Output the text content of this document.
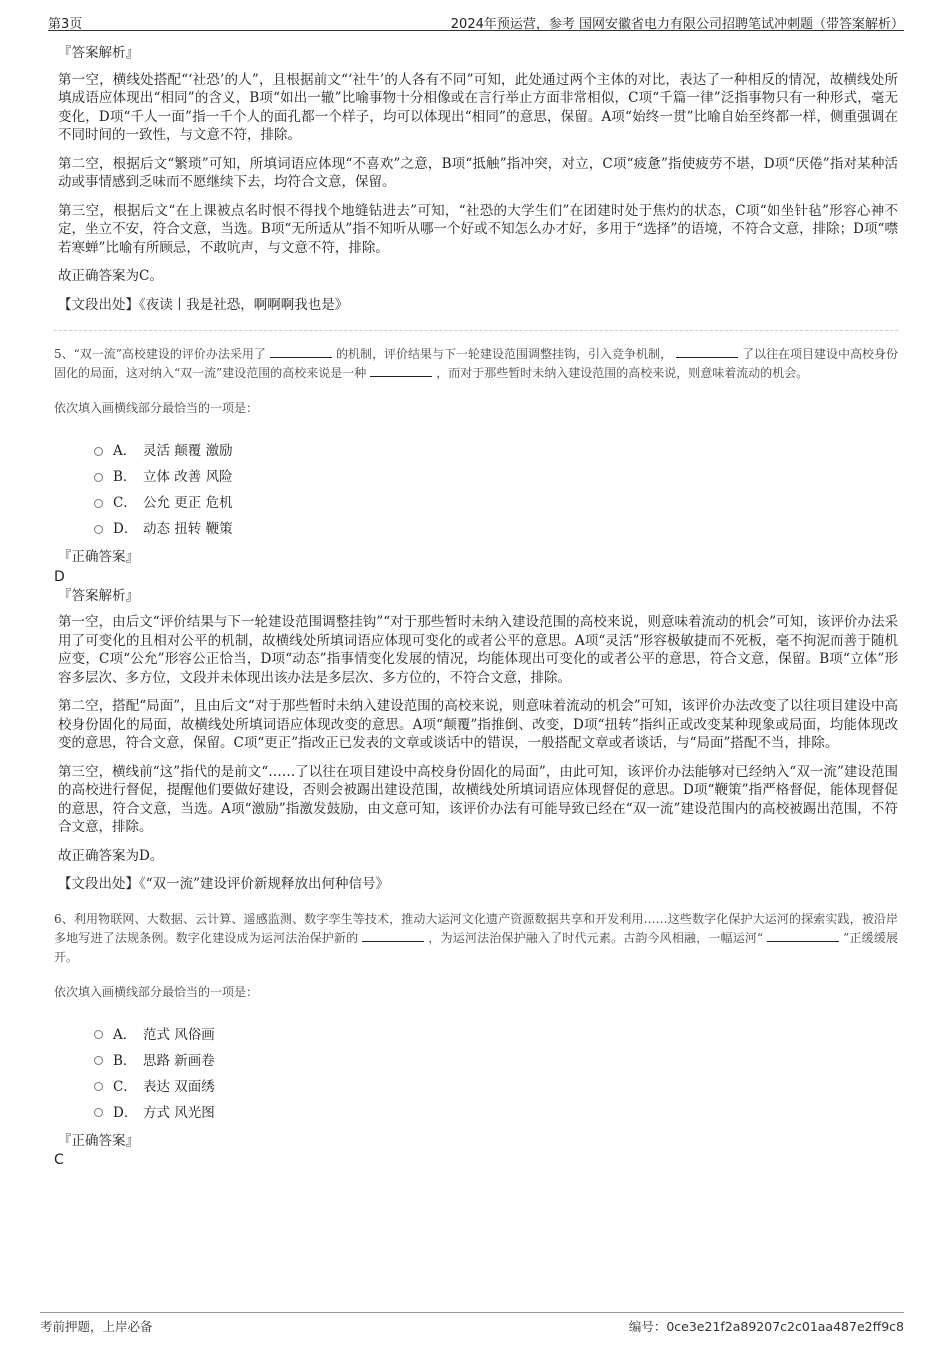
第3页	2024年预运营，参考 国网安徽省电力有限公司招聘笔试冲刺题（带答案解析）
『答案解析』

第一空，横线处搭配“‘社恐’的人”，且根据前文“‘社牛’的人各有不同”可知，此处通过两个主体的对比，表达了一种相反的情况，故横线处所填成语应体现出“相同”的含义，B项“如出一辙”比喻事物十分相像或在言行举止方面非常相似，C项“千篇一律”泛指事物只有一种形式，毫无变化，D项“千人一面”指一千个人的面孔都一个样子，均可以体现出“相同”的意思，保留。A项“始终一贯”比喻自始至终都一样，侧重强调在不同时间的一致性，与文意不符，排除。

第二空，根据后文“繁琐”可知，所填词语应体现“不喜欢”之意，B项“抵触”指冲突，对立，C项“疲惫”指使疲劳不堪，D项“厌倦”指对某种活动或事情感到乏味而不愿继续下去，均符合文意，保留。

第三空，根据后文“在上课被点名时恨不得找个地缝钻进去”可知，“社恐的大学生们”在团建时处于焦灼的状态，C项“如坐针毡”形容心神不定，坐立不安，符合文意，当选。B项“无所适从”指不知听从哪一个好或不知怎么办才好，多用于“选择”的语境，不符合文意，排除；D项“噤若寒蝉”比喻有所顾忌，不敢吭声，与文意不符，排除。

故正确答案为C。

【文段出处】《夜读丨我是社恐，啊啊啊我也是》

5、“双一流”高校建设的评价办法采用了	的机制，评价结果与下一轮建设范围调整挂钩，引入竞争机制，	了以往在项目建设中高校身份固化的局面，这对纳入“双一流”建设范围的高校来说是一种	，而对于那些暂时未纳入建设范围的高校来说，则意味着流动的机会。

依次填入画横线部分最恰当的一项是：
A． 灵活 颠覆 激励
B． 立体 改善 风险
C． 公允 更正 危机
D． 动态 扭转 鞭策
『正确答案』
D
『答案解析』

第一空，由后文“评价结果与下一轮建设范围调整挂钩”“对于那些暂时未纳入建设范围的高校来说，则意味着流动的机会”可知，该评价办法采用了可变化的且相对公平的机制，故横线处所填词语应体现可变化的或者公平的意思。A项“灵活”形容极敏捷而不死板，毫不拘泥而善于随机应变，C项“公允”形容公正恰当，D项“动态”指事情变化发展的情况，均能体现出可变化的或者公平的意思，符合文意，保留。B项“立体”形容多层次、多方位，文段并未体现出该办法是多层次、多方位的，不符合文意，排除。

第二空，搭配“局面”，且由后文“对于那些暂时未纳入建设范围的高校来说，则意味着流动的机会”可知，该评价办法改变了以往项目建设中高校身份固化的局面，故横线处所填词语应体现改变的意思。A项“颠覆”指推倒、改变，D项“扭转”指纠正或改变某种现象或局面，均能体现改变的意思，符合文意，保留。C项“更正”指改正已发表的文章或谈话中的错误，一般搭配文章或者谈话，与“局面”搭配不当，排除。

第三空，横线前“这”指代的是前文“……了以往在项目建设中高校身份固化的局面”，由此可知，该评价办法能够对已经纳入“双一流”建设范围的高校进行督促，提醒他们要做好建设，否则会被踢出建设范围，故横线处所填词语应体现督促的意思。D项“鞭策”指严格督促，能体现督促的意思，符合文意，当选。A项“激励”指激发鼓励，由文意可知，该评价办法有可能导致已经在“双一流”建设范围内的高校被踢出范围，不符合文意，排除。

故正确答案为D。

【文段出处】《“双一流”建设评价新规释放出何种信号》

6、利用物联网、大数据、云计算、遥感监测、数字孪生等技术，推动大运河文化遗产资源数据共享和开发利用……这些数字化保护大运河的探索实践，被沿岸多地写进了法规条例。数字化建设成为运河法治保护新的	，为运河法治保护融入了时代元素。古韵今风相融，一幅运河“	”正缓缓展开。

依次填入画横线部分最恰当的一项是：
A． 范式 风俗画
B． 思路 新画卷
C． 表达 双面绣
D． 方式 风光图
『正确答案』
C
考前押题，上岸必备	编号：0ce3e21f2a89207c2c01aa487e2ff9c8
